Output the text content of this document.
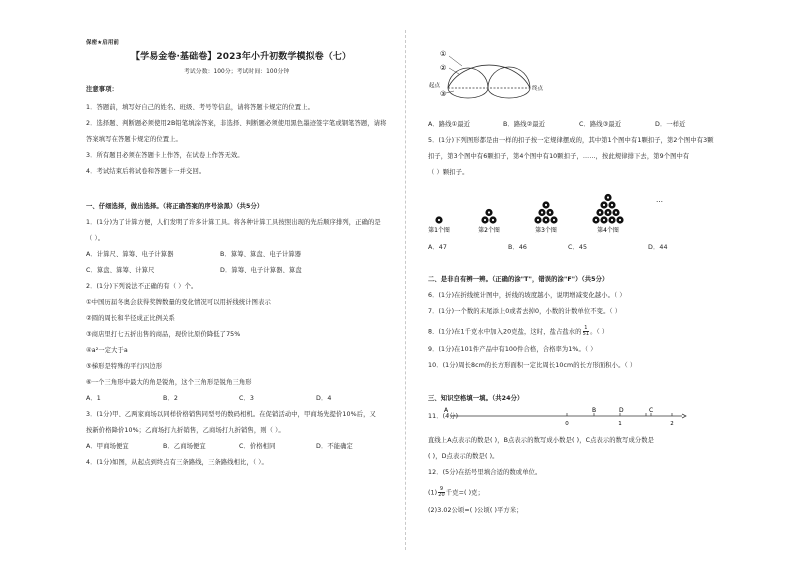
保密★启用前
【学易金卷·基础卷】2023年小升初数学模拟卷（七）
考试分数：100分；考试时间：100分钟
注意事项：
1．答题前，填写好自己的姓名、班级、考号等信息，请将答题卡规定的位置上。
2．选择题、判断题必须使用2B铅笔填涂答案，非选择、判断题必须使用黑色墨迹签字笔或钢笔答题，请将
答案填写在答题卡规定的位置上。
3．所有题目必须在答题卡上作答，在试卷上作答无效。
4．考试结束后将试卷和答题卡一并交回。
一、仔细选择，做出选择。（将正确答案的序号涂黑）（共5分）
1．(1分)为了计算方便，人们发明了许多计算工具。将各种计算工具按照出现的先后顺序排列，正确的是
（ ）。
A．计算尺、算筹、电子计算器	B．算筹、算盘、电子计算器
C．算盘、算筹、计算尺	D．算筹、电子计算器、算盘
2．(1分)下列说法不正确的有（ ）个。
①中国历届冬奥会获得奖牌数量的变化情况可以用折线统计图表示
②圆的周长和半径成正比例关系
③商店里打七五折出售的商品，现价比原价降低了75%
④a²一定大于a
⑤梯形是特殊的平行四边形
⑥一个三角形中最大的角是锐角，这个三角形是锐角三角形
A．1	B．2	C．3	D．4
3．(1分)甲、乙两家商场以同样价格销售同型号的数码相机。在促销活动中，甲商场先提价10%后，又
按新价格降价10%；乙商场打九折销售，乙商场打九折销售，则（ ）。
A．甲商场便宜	B．乙商场便宜	C．价格相同	D．不能确定
4．(1分)如图，从起点到终点有三条路线，三条路线相比，（ ）。
①
②
③
起点	终点
A．路线①最近	B．路线②最近	C．路线③最近	D．一样近
5．(1分)下列图形都是由一样的扣子按一定规律摆成的，其中第1个图中有1颗扣子，第2个图中有3颗
扣子，第3个图中有6颗扣子，第4个图中有10颗扣子，……，按此规律排下去，第9个图中有
（ ）颗扣子。
第1个图	第2个图	第3个图	第4个图
…
A．47	B．46	C．45	D．44
二、是非自有辨一辨。（正确的涂"T"，错误的涂"F"）（共5分）
6．(1分)在折线统计图中，折线的坡度越小，说明增减变化越小。（ ）
7．(1分)一个数的末尾添上0或者去掉0，小数的计数单位不变。（ ）
8．(1分)在1千克水中加入20克盐，这时，盐占盐水的 $\frac{1}{51}$ 。（ ）
9．(1分)在101件产品中有100件合格，合格率为1%。（ ）
10．(1分)周长8cm的长方形面积一定比周长10cm的长方形面积小。（ ）
三、知识空格填一填。（共24分）
11．(4分)
A	B	D	C
0	1	2
直线上A点表示的数是( )，B点表示的数写成小数是( )，C点表示的数写成分数是
( )，D点表示的数是( )。
12．(5分)在括号里填合适的数或单位。
$(1) \frac{9}{20}$ 千克=( )克；
(2)3.02公顷=( )公顷( )平方米；
